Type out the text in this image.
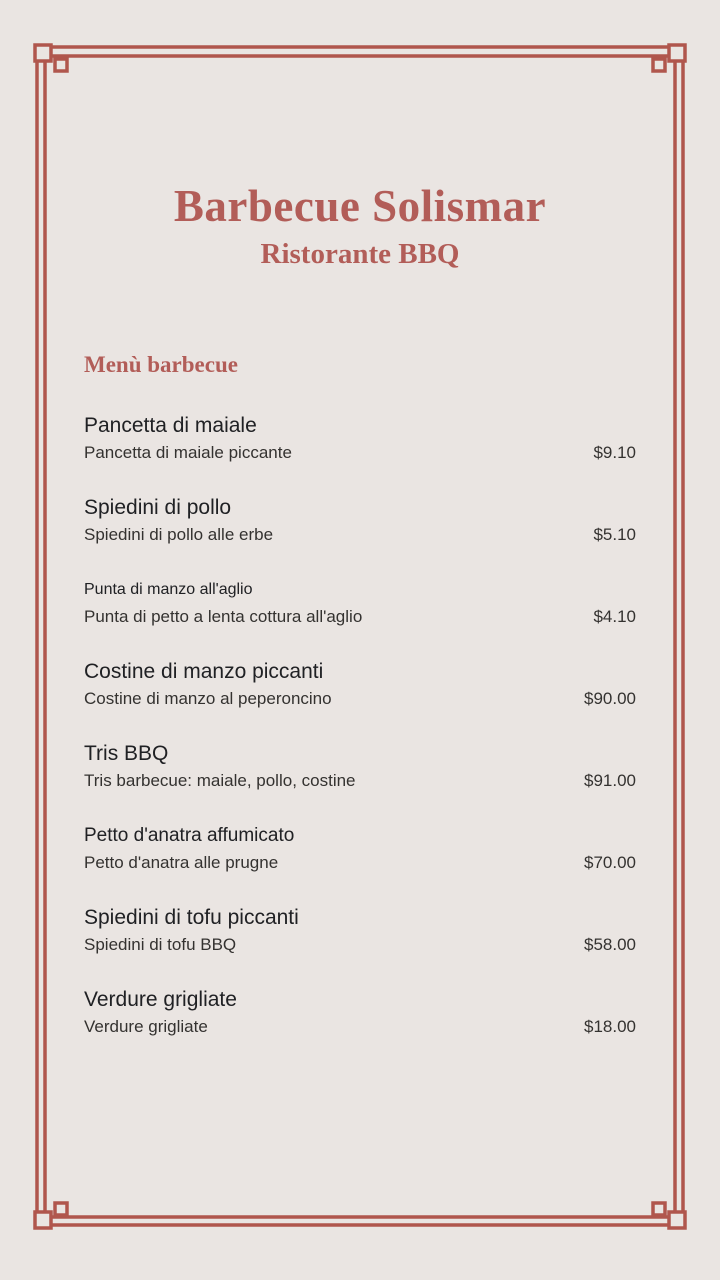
Barbecue Solismar
Ristorante BBQ
Menù barbecue
Pancetta di maiale
Pancetta di maiale piccante	$9.10
Spiedini di pollo
Spiedini di pollo alle erbe	$5.10
Punta di manzo all'aglio
Punta di petto a lenta cottura all'aglio	$4.10
Costine di manzo piccanti
Costine di manzo al peperoncino	$90.00
Tris BBQ
Tris barbecue: maiale, pollo, costine	$91.00
Petto d'anatra affumicato
Petto d'anatra alle prugne	$70.00
Spiedini di tofu piccanti
Spiedini di tofu BBQ	$58.00
Verdure grigliate
Verdure grigliate	$18.00
